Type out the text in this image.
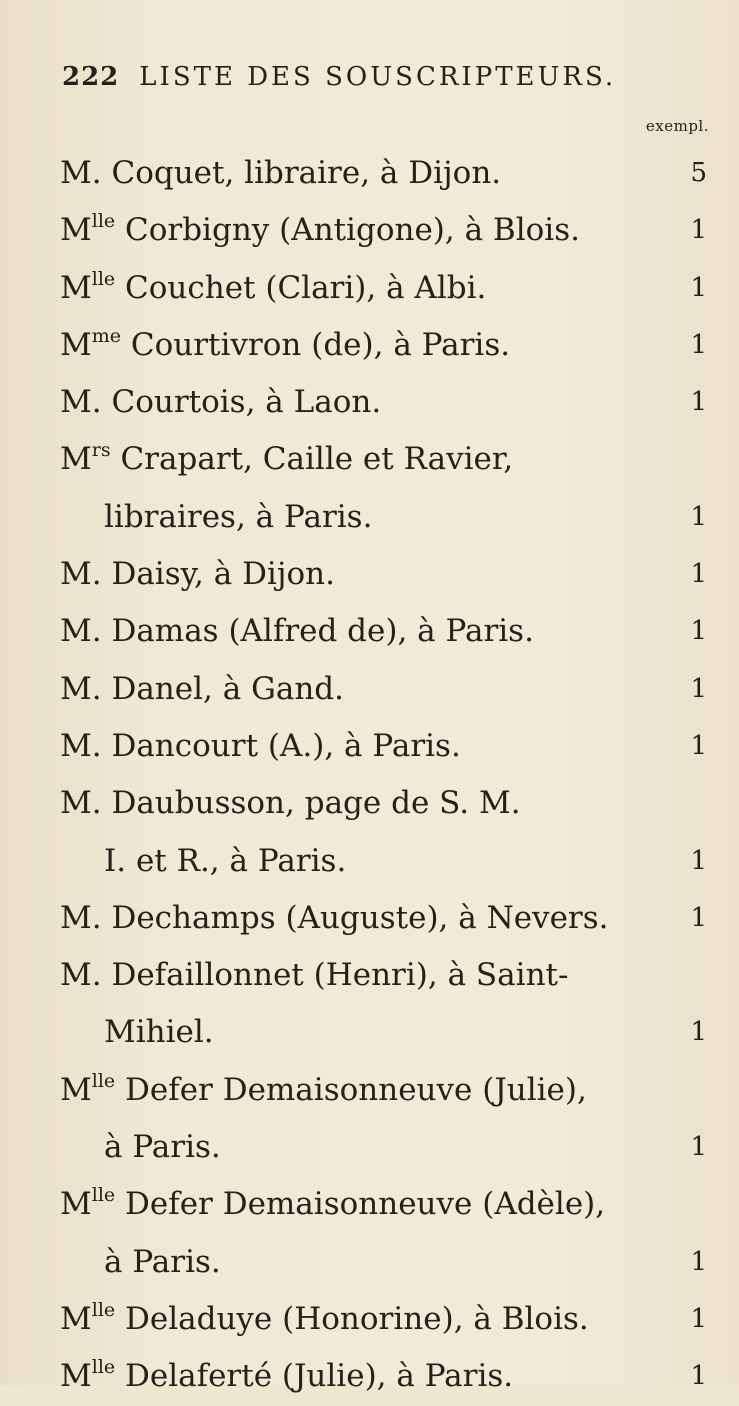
222 LISTE DES SOUSCRIPTEURS.
exempl.
M. Coquet, libraire, à Dijon.	5
$M^{lle}$ Corbigny (Antigone), à Blois.	1
$M^{lle}$ Couchet (Clari), à Albi.	1
$M^{me}$ Courtivron (de), à Paris.	1
M. Courtois, à Laon.	1
$M^{rs}$ Crapart, Caille et Ravier,
libraires, à Paris.	1
M. Daisy, à Dijon.	1
M. Damas (Alfred de), à Paris.	1
M. Danel, à Gand.	1
M. Dancourt (A.), à Paris.	1
M. Daubusson, page de S. M.
I. et R., à Paris.	1
M. Dechamps (Auguste), à Nevers.	1
M. Defaillonnet (Henri), à Saint-
Mihiel.	1
$M^{lle}$ Defer Demaisonneuve (Julie),
à Paris.	1
$M^{lle}$ Defer Demaisonneuve (Adèle),
à Paris.	1
$M^{lle}$ Deladuye (Honorine), à Blois.	1
$M^{lle}$ Delaferté (Julie), à Paris.	1
